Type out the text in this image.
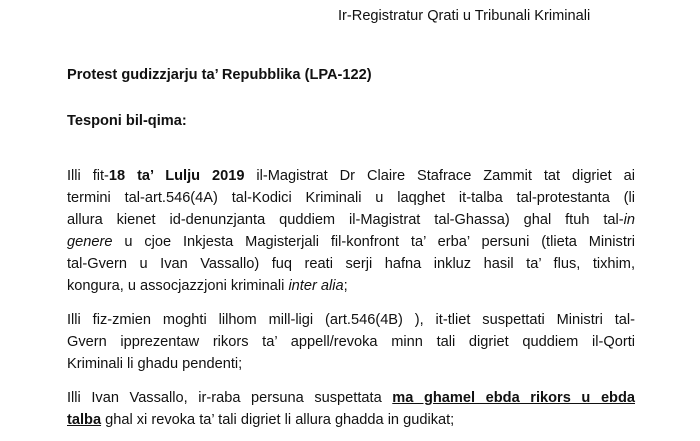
Ir-Registratur Qrati u Tribunali Kriminali
Protest gudizzjarju ta’ Repubblika (LPA-122)
Tesponi bil-qima:
Illi fit-18 ta’ Lulju 2019 il-Magistrat Dr Claire Stafrace Zammit tat digriet ai
termini tal-art.546(4A) tal-Kodici Kriminali u laqghet it-talba tal-protestanta (li
allura kienet id-denunzjanta quddiem il-Magistrat tal-Ghassa) ghal ftuh tal-in
genere u cjoe Inkjesta Magisterjali fil-konfront ta’ erba’ persuni (tlieta Ministri
tal-Gvern u Ivan Vassallo) fuq reati serji hafna inkluz hasil ta’ flus, tixhim,
kongura, u assocjazzjoni kriminali inter alia;
Illi fiz-zmien moghti lilhom mill-ligi (art.546(4B) ), it-tliet suspettati Ministri tal-
Gvern ipprezentaw rikors ta’ appell/revoka minn tali digriet quddiem il-Qorti
Kriminali li ghadu pendenti;
Illi Ivan Vassallo, ir-raba persuna suspettata ma ghamel ebda rikors u ebda
talba ghal xi revoka ta’ tali digriet li allura ghadda in gudikat;
